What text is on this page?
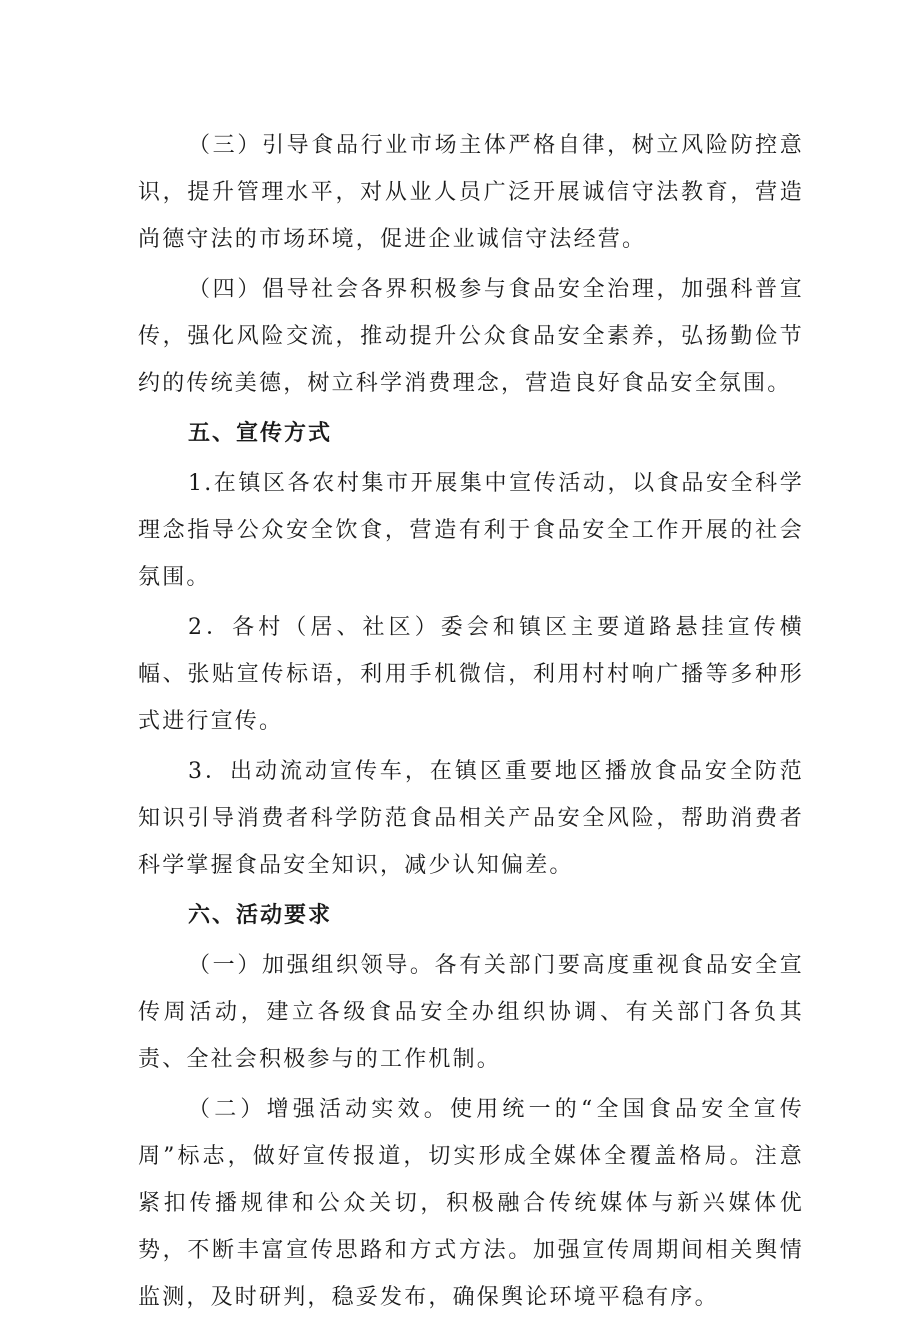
（三）引导食品行业市场主体严格自律，树立风险防控意识，提升管理水平，对从业人员广泛开展诚信守法教育，营造尚德守法的市场环境，促进企业诚信守法经营。

（四）倡导社会各界积极参与食品安全治理，加强科普宣传，强化风险交流，推动提升公众食品安全素养，弘扬勤俭节约的传统美德，树立科学消费理念，营造良好食品安全氛围。

五、宣传方式

1.在镇区各农村集市开展集中宣传活动，以食品安全科学理念指导公众安全饮食，营造有利于食品安全工作开展的社会氛围。

2．各村（居、社区）委会和镇区主要道路悬挂宣传横幅、张贴宣传标语，利用手机微信，利用村村响广播等多种形式进行宣传。

3．出动流动宣传车，在镇区重要地区播放食品安全防范知识引导消费者科学防范食品相关产品安全风险，帮助消费者科学掌握食品安全知识，减少认知偏差。

六、活动要求

（一）加强组织领导。各有关部门要高度重视食品安全宣传周活动，建立各级食品安全办组织协调、有关部门各负其责、全社会积极参与的工作机制。

（二）增强活动实效。使用统一的“全国食品安全宣传周”标志，做好宣传报道，切实形成全媒体全覆盖格局。注意紧扣传播规律和公众关切，积极融合传统媒体与新兴媒体优势，不断丰富宣传思路和方式方法。加强宣传周期间相关舆情监测，及时研判，稳妥发布，确保舆论环境平稳有序。
